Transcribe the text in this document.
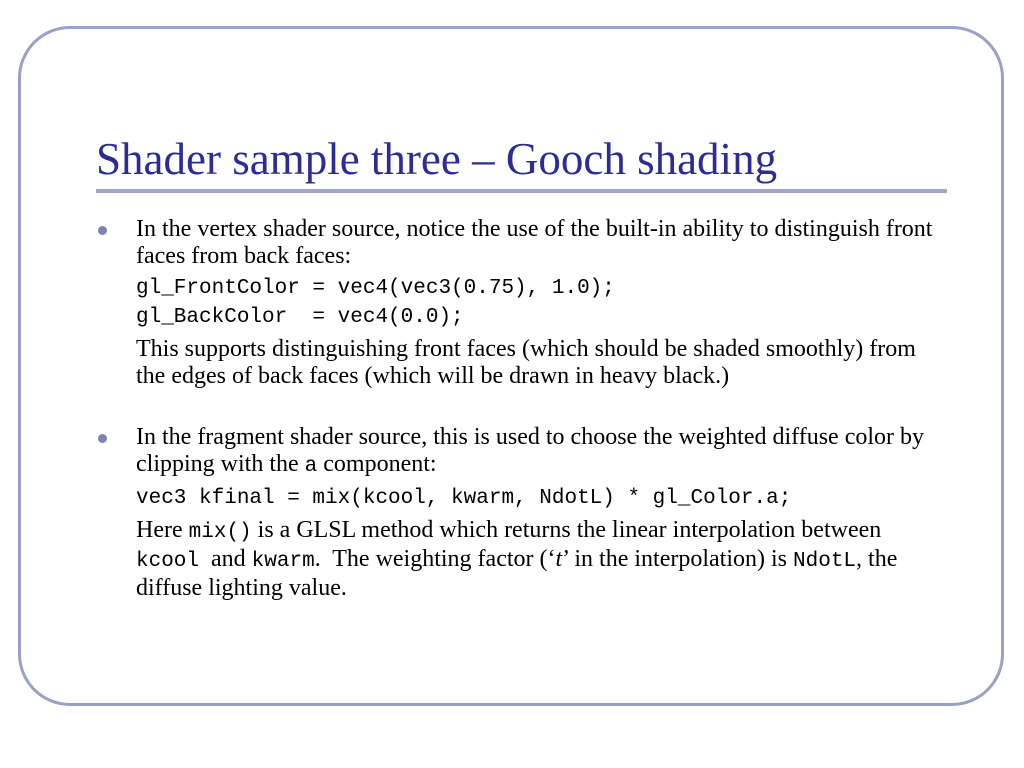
Shader sample three – Gooch shading
In the vertex shader source, notice the use of the built-in ability to distinguish front faces from back faces:
gl_FrontColor = vec4(vec3(0.75), 1.0);
gl_BackColor  = vec4(0.0);
This supports distinguishing front faces (which should be shaded smoothly) from the edges of back faces (which will be drawn in heavy black.)
In the fragment shader source, this is used to choose the weighted diffuse color by clipping with the a component:
vec3 kfinal = mix(kcool, kwarm, NdotL) * gl_Color.a;
Here mix() is a GLSL method which returns the linear interpolation between kcool  and kwarm.  The weighting factor (‘t’ in the interpolation) is NdotL, the diffuse lighting value.
